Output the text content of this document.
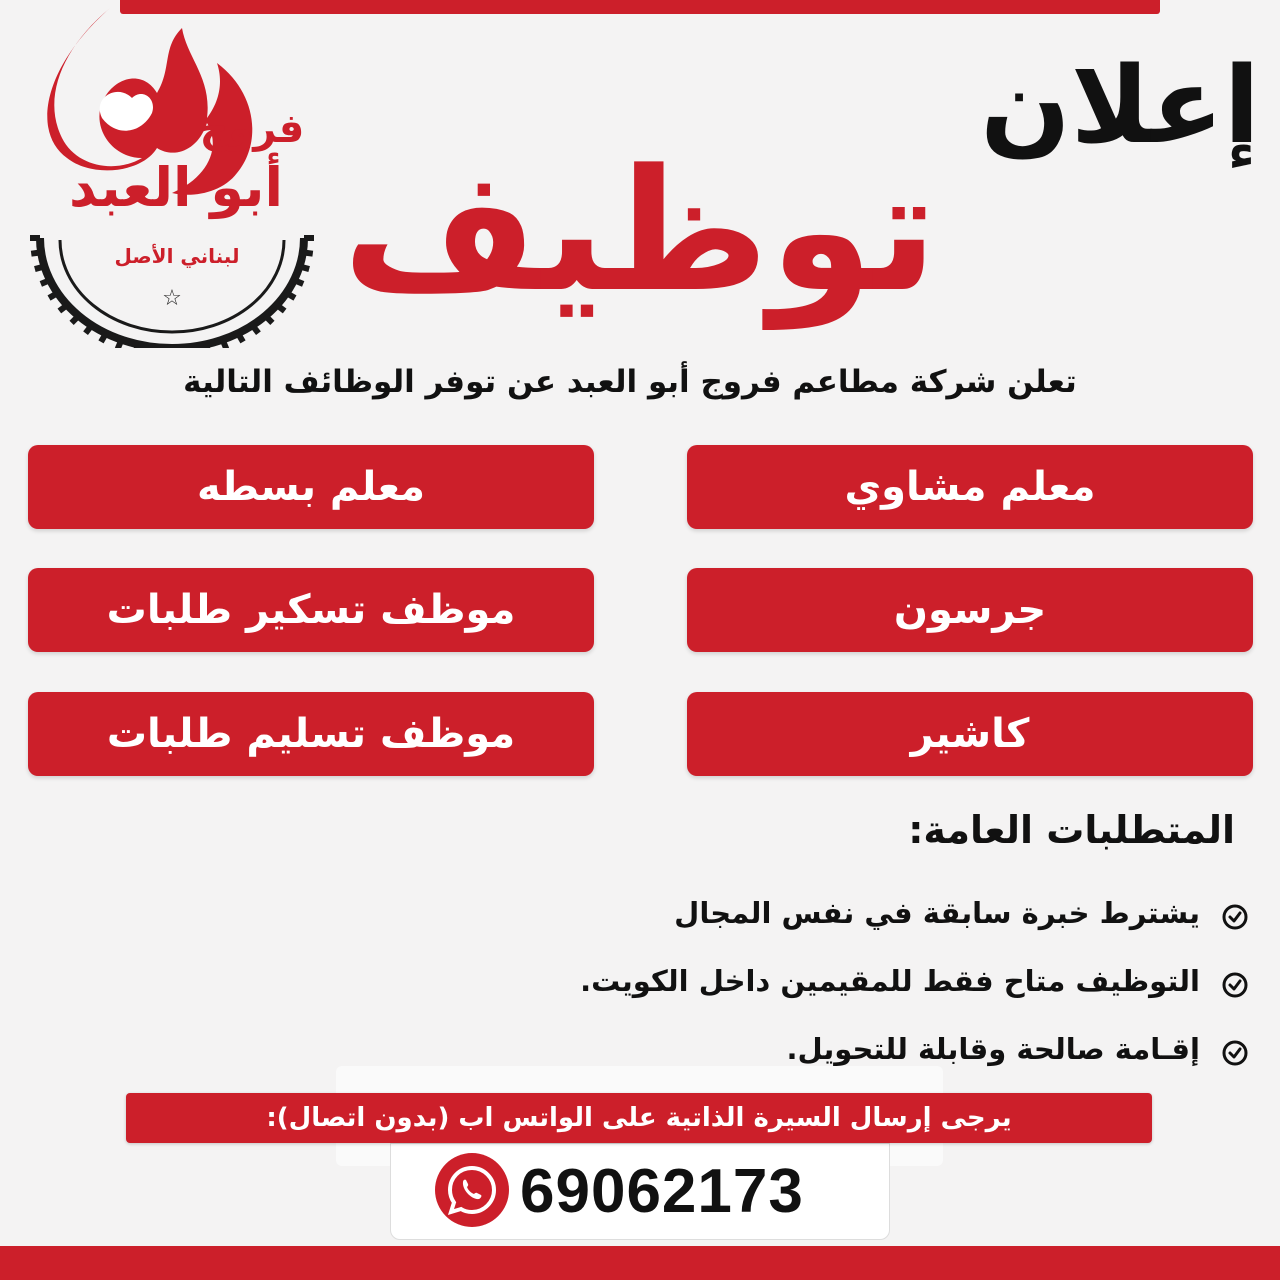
فروج
أبو العبد
لبناني الأصل
☆
إعلان
توظيف
تعلن شركة مطاعم فروج أبو العبد عن توفر الوظائف التالية
معلم مشاوي
معلم بسطه
جرسون
موظف تسكير طلبات
كاشير
موظف تسليم طلبات
المتطلبات العامة:
يشترط خبرة سابقة في نفس المجال
التوظيف متاح فقط للمقيمين داخل الكويت.
إقـامة صالحة وقابلة للتحويل.
يرجى إرسال السيرة الذاتية على الواتس اب (بدون اتصال):
69062173
